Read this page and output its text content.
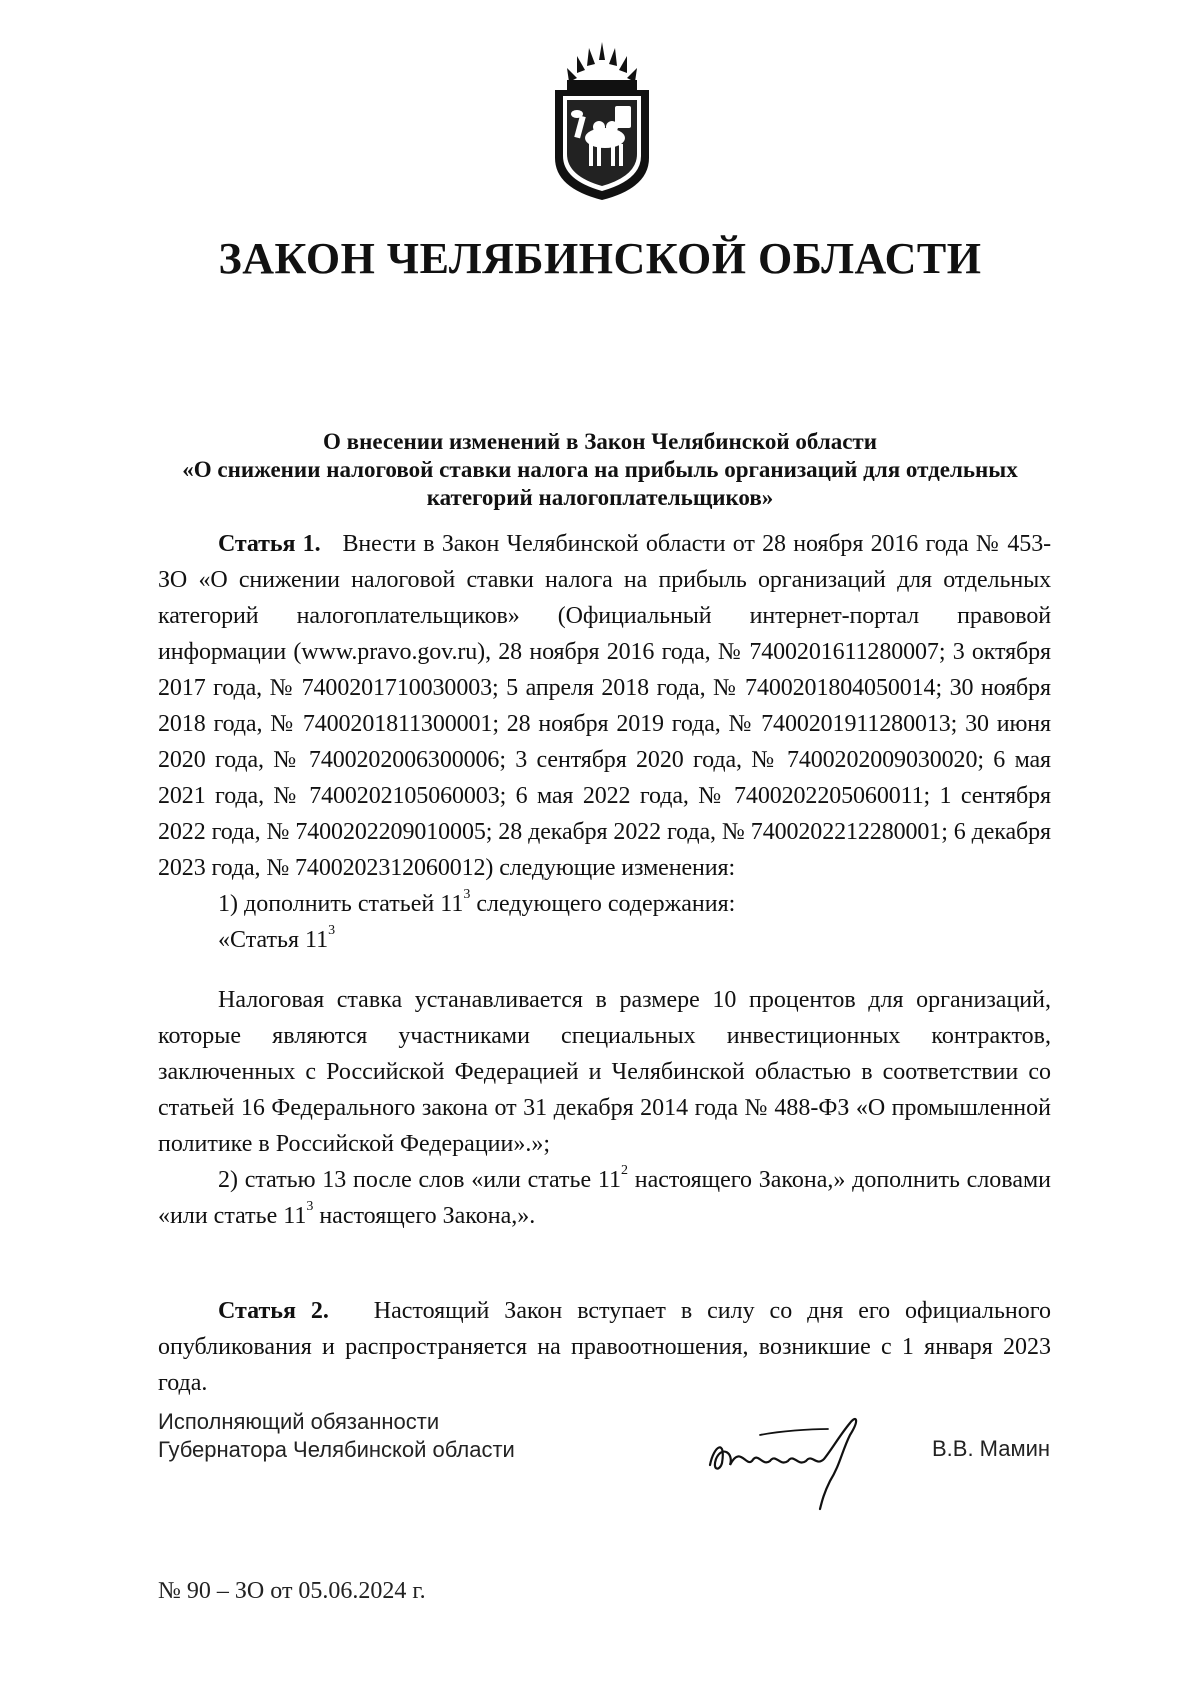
ЗАКОН ЧЕЛЯБИНСКОЙ ОБЛАСТИ
О внесении изменений в Закон Челябинской области
«О снижении налоговой ставки налога на прибыль организаций для отдельных
категорий налогоплательщиков»

Статья 1. Внести в Закон Челябинской области от 28 ноября 2016 года № 453-ЗО «О снижении налоговой ставки налога на прибыль организаций для отдельных категорий налогоплательщиков» (Официальный интернет-портал правовой информации (www.pravo.gov.ru), 28 ноября 2016 года, № 7400201611280007; 3 октября 2017 года, № 7400201710030003; 5 апреля 2018 года, № 7400201804050014; 30 ноября 2018 года, № 7400201811300001; 28 ноября 2019 года, № 7400201911280013; 30 июня 2020 года, № 7400202006300006; 3 сентября 2020 года, № 7400202009030020; 6 мая 2021 года, № 7400202105060003; 6 мая 2022 года, № 7400202205060011; 1 сентября 2022 года, № 7400202209010005; 28 декабря 2022 года, № 7400202212280001; 6 декабря 2023 года, № 7400202312060012) следующие изменения:

1) дополнить статьей $11^3$ следующего содержания:

«Статья $11^3$

Налоговая ставка устанавливается в размере 10 процентов для организаций, которые являются участниками специальных инвестиционных контрактов, заключенных с Российской Федерацией и Челябинской областью в соответствии со статьей 16 Федерального закона от 31 декабря 2014 года № 488-ФЗ «О промышленной политике в Российской Федерации».»;

2) статью 13 после слов «или статье $11^2$ настоящего Закона,» дополнить словами «или статье $11^3$ настоящего Закона,».

Статья 2. Настоящий Закон вступает в силу со дня его официального опубликования и распространяется на правоотношения, возникшие с 1 января 2023 года.

Исполняющий обязанности
Губернатора Челябинской области	В.В. Мамин
№ 90 – ЗО от 05.06.2024 г.
